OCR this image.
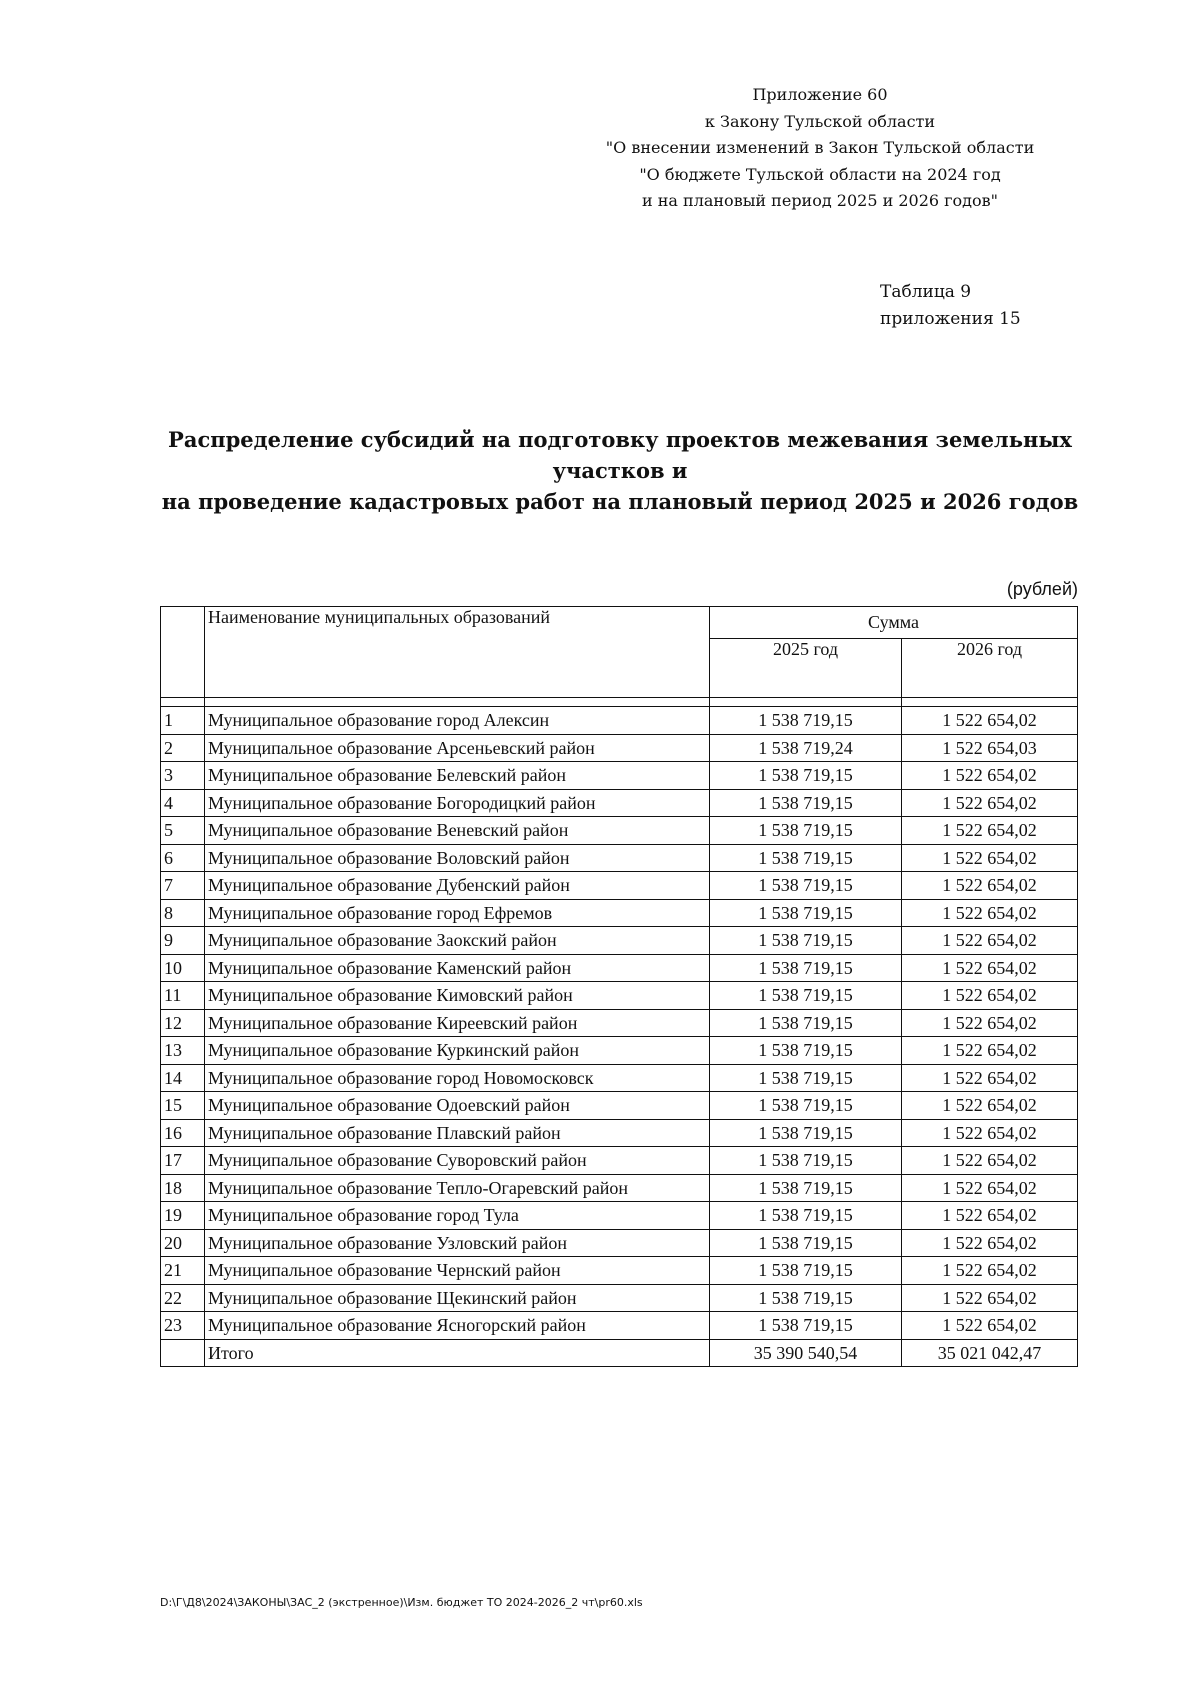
Приложение 60
к Закону Тульской области
"О внесении изменений в Закон Тульской области
"О бюджете Тульской области на 2024 год
и на плановый период 2025 и 2026 годов"
Таблица 9
приложения 15
Распределение субсидий на подготовку проектов межевания земельных участков и
на проведение кадастровых работ на плановый период 2025 и 2026 годов
(рублей)
	Наименование муниципальных образований	Сумма	
		2025 год	2026 год

1	Муниципальное образование город Алексин	1 538 719,15	1 522 654,02
2	Муниципальное образование Арсеньевский район	1 538 719,24	1 522 654,03
3	Муниципальное образование Белевский район	1 538 719,15	1 522 654,02
4	Муниципальное образование Богородицкий район	1 538 719,15	1 522 654,02
5	Муниципальное образование Веневский район	1 538 719,15	1 522 654,02
6	Муниципальное образование Воловский район	1 538 719,15	1 522 654,02
7	Муниципальное образование Дубенский район	1 538 719,15	1 522 654,02
8	Муниципальное образование город Ефремов	1 538 719,15	1 522 654,02
9	Муниципальное образование Заокский район	1 538 719,15	1 522 654,02
10	Муниципальное образование Каменский район	1 538 719,15	1 522 654,02
11	Муниципальное образование Кимовский район	1 538 719,15	1 522 654,02
12	Муниципальное образование Киреевский район	1 538 719,15	1 522 654,02
13	Муниципальное образование Куркинский район	1 538 719,15	1 522 654,02
14	Муниципальное образование город Новомосковск	1 538 719,15	1 522 654,02
15	Муниципальное образование Одоевский район	1 538 719,15	1 522 654,02
16	Муниципальное образование Плавский район	1 538 719,15	1 522 654,02
17	Муниципальное образование Суворовский район	1 538 719,15	1 522 654,02
18	Муниципальное образование Тепло-Огаревский район	1 538 719,15	1 522 654,02
19	Муниципальное образование город Тула	1 538 719,15	1 522 654,02
20	Муниципальное образование Узловский район	1 538 719,15	1 522 654,02
21	Муниципальное образование Чернский район	1 538 719,15	1 522 654,02
22	Муниципальное образование Щекинский район	1 538 719,15	1 522 654,02
23	Муниципальное образование Ясногорский район	1 538 719,15	1 522 654,02
	Итого	35 390 540,54	35 021 042,47
D:\Г\Д8\2024\ЗАКОНЫ\ЗАС_2 (экстренное)\Изм. бюджет ТО 2024-2026_2 чт\pr60.xls
